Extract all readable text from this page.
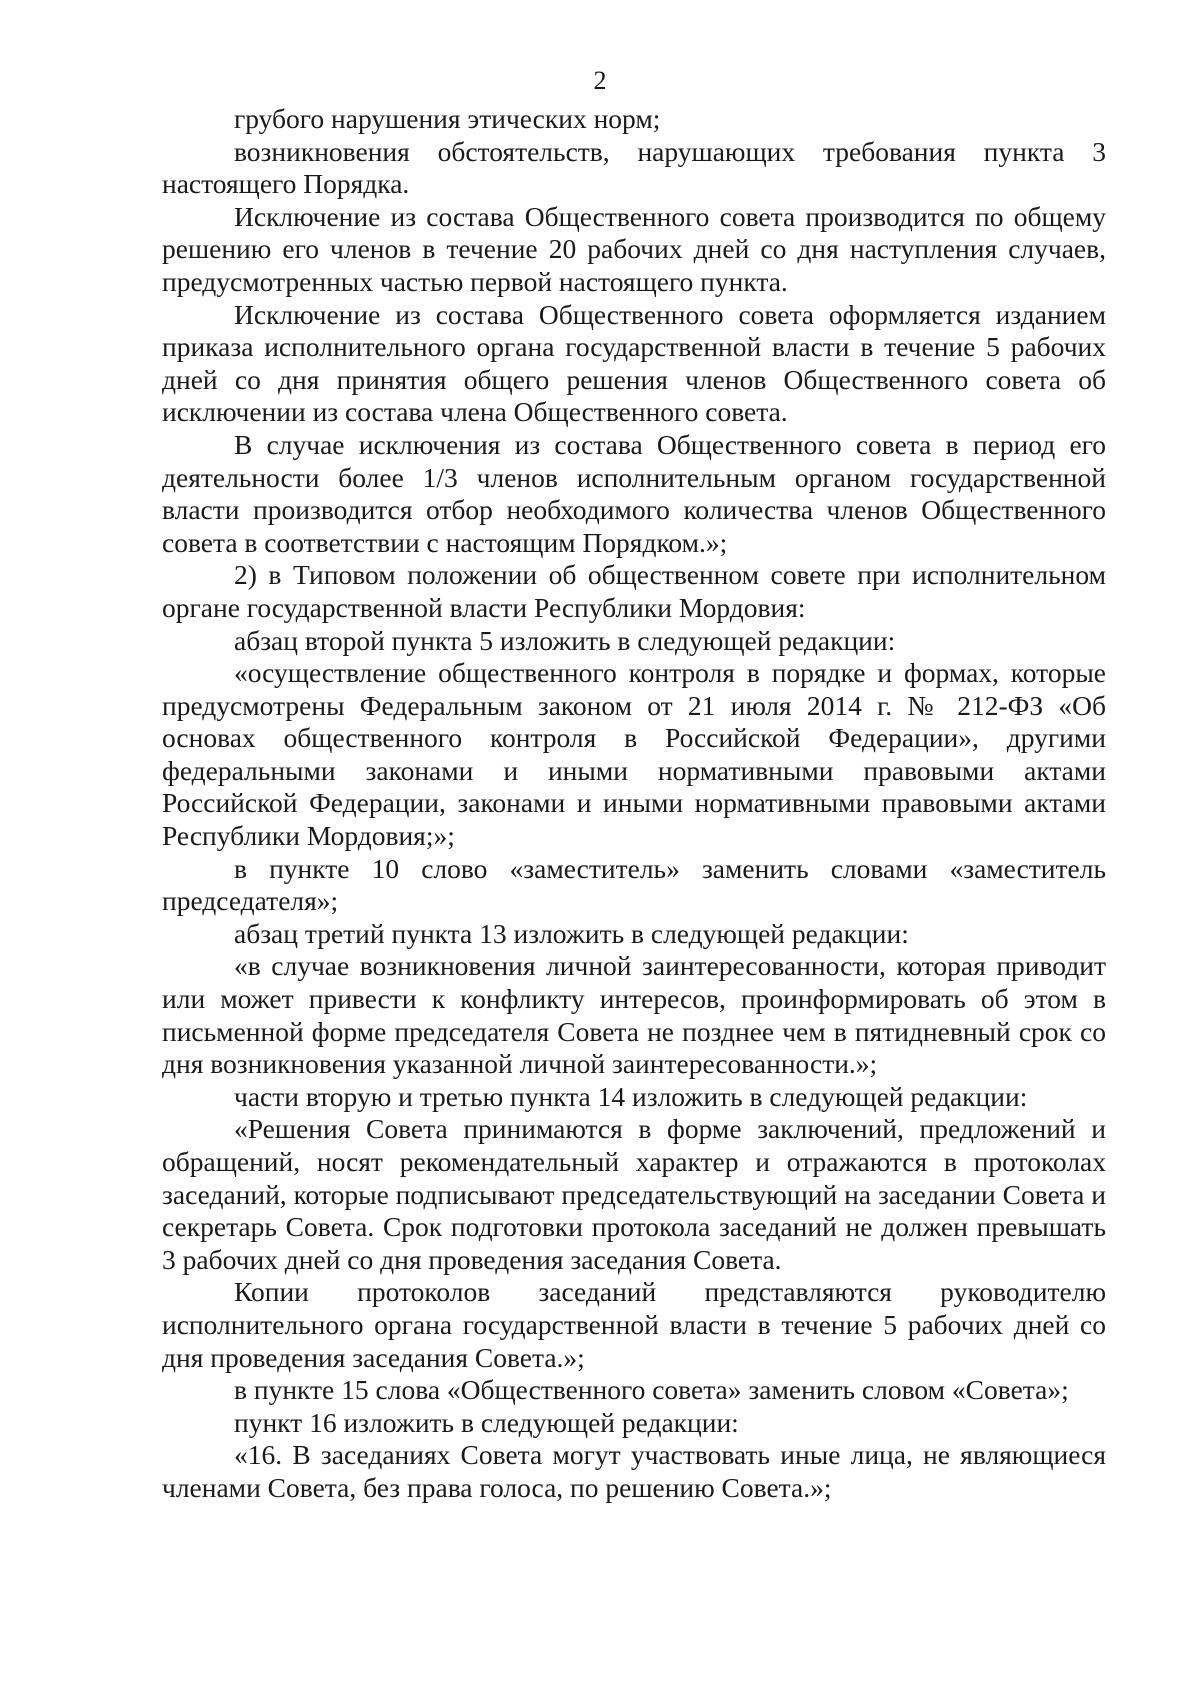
2

грубого нарушения этических норм;

возникновения обстоятельств, нарушающих требования пункта 3 настоящего Порядка.

Исключение из состава Общественного совета производится по общему решению его членов в течение 20 рабочих дней со дня наступления случаев, предусмотренных частью первой настоящего пункта.

Исключение из состава Общественного совета оформляется изданием приказа исполнительного органа государственной власти в течение 5 рабочих дней со дня принятия общего решения членов Общественного совета об исключении из состава члена Общественного совета.

В случае исключения из состава Общественного совета в период его деятельности более 1/3 членов исполнительным органом государственной власти производится отбор необходимого количества членов Общественного совета в соответствии с настоящим Порядком.»;

2) в Типовом положении об общественном совете при исполнительном органе государственной власти Республики Мордовия:

абзац второй пункта 5 изложить в следующей редакции:

«осуществление общественного контроля в порядке и формах, которые предусмотрены Федеральным законом от 21 июля 2014 г. № 212-ФЗ «Об основах общественного контроля в Российской Федерации», другими федеральными законами и иными нормативными правовыми актами Российской Федерации, законами и иными нормативными правовыми актами Республики Мордовия;»;

в пункте 10 слово «заместитель» заменить словами «заместитель председателя»;

абзац третий пункта 13 изложить в следующей редакции:

«в случае возникновения личной заинтересованности, которая приводит или может привести к конфликту интересов, проинформировать об этом в письменной форме председателя Совета не позднее чем в пятидневный срок со дня возникновения указанной личной заинтересованности.»;

части вторую и третью пункта 14 изложить в следующей редакции:

«Решения Совета принимаются в форме заключений, предложений и обращений, носят рекомендательный характер и отражаются в протоколах заседаний, которые подписывают председательствующий на заседании Совета и секретарь Совета. Срок подготовки протокола заседаний не должен превышать 3 рабочих дней со дня проведения заседания Совета.

Копии протоколов заседаний представляются руководителю исполнительного органа государственной власти в течение 5 рабочих дней со дня проведения заседания Совета.»;

в пункте 15 слова «Общественного совета» заменить словом «Совета»;

пункт 16 изложить в следующей редакции:

«16. В заседаниях Совета могут участвовать иные лица, не являющиеся членами Совета, без права голоса, по решению Совета.»;
